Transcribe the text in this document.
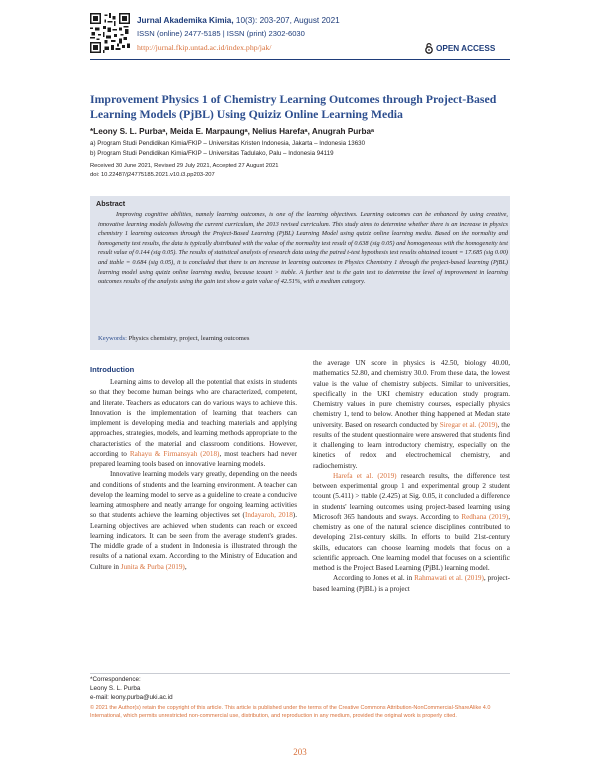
Jurnal Akademika Kimia, 10(3): 203-207, August 2021
ISSN (online) 2477-5185 | ISSN (print) 2302-6030
http://jurnal.fkip.untad.ac.id/index.php/jak/	OPEN ACCESS
Improvement Physics 1 of Chemistry Learning Outcomes through Project-Based Learning Models (PjBL) Using Quiziz Online Learning Media
*Leony S. L. Purbaᵃ, Meida E. Marpaungᵃ, Nelius Harefaᵃ, Anugrah Purbaᵃ
a) Program Studi Pendidikan Kimia/FKIP – Universitas Kristen Indonesia, Jakarta – Indonesia 13630
b) Program Studi Pendidikan Kimia/FKIP – Universitas Tadulako, Palu – Indonesia 94119
Received 30 June 2021, Revised 29 July 2021, Accepted 27 August 2021
doi: 10.22487/j24775185.2021.v10.i3.pp203-207
Abstract
Improving cognitive abilities, namely learning outcomes, is one of the learning objectives. Learning outcomes can be enhanced by using creative, innovative learning models following the current curriculum, the 2013 revised curriculum. This study aims to determine whether there is an increase in physics chemistry 1 learning outcomes through the Project-Based Learning (PjBL) Learning Model using quiziz online learning media. Based on the normality and homogeneity test results, the data is typically distributed with the value of the normality test result of 0.638 (sig 0.05) and homogeneous with the homogeneity test result value of 0.144 (sig 0.05). The results of statistical analysis of research data using the paired t-test hypothesis test results obtained tcount = 17.685 (sig 0.00) and ttable = 0.684 (sig 0.05), it is concluded that there is an increase in learning outcomes in Physics Chemistry 1 through the project-based learning (PjBL) learning model using quiziz online learning media, because tcount > ttable. A further test is the gain test to determine the level of improvement in learning outcomes results of the analysis using the gain test show a gain value of 42.51%, with a medium category.
Keywords: Physics chemistry, project, learning outcomes
Introduction

Learning aims to develop all the potential that exists in students so that they become human beings who are characterized, competent, and literate. Teachers as educators can do various ways to achieve this. Innovation is the implementation of learning that teachers can implement is developing media and teaching materials and applying approaches, strategies, models, and learning methods appropriate to the characteristics of the material and classroom conditions. However, according to Rahayu & Firmansyah (2018), most teachers had never prepared learning tools based on innovative learning models.

Innovative learning models vary greatly, depending on the needs and conditions of students and the learning environment. A teacher can develop the learning model to serve as a guideline to create a conducive learning atmosphere and neatly arrange for ongoing learning activities so that students achieve the learning objectives set (Indayaroh, 2018). Learning objectives are achieved when students can reach or exceed learning indicators. It can be seen from the average student's grades. The middle grade of a student in Indonesia is illustrated through the results of a national exam. According to the Ministry of Education and Culture in Junita & Purba (2019),

the average UN score in physics is 42.50, biology 40.00, mathematics 52.80, and chemistry 30.0. From these data, the lowest value is the value of chemistry subjects. Similar to universities, specifically in the UKI chemistry education study program. Chemistry values in pure chemistry courses, especially physics chemistry 1, tend to below. Another thing happened at Medan state university. Based on research conducted by Siregar et al. (2019), the results of the student questionnaire were answered that students find it challenging to learn introductory chemistry, especially on the kinetics of redox and electrochemical chemistry, and radiochemistry.

Harefa et al. (2019) research results, the difference test between experimental group 1 and experimental group 2 student tcount (5.411) > ttable (2.425) at Sig. 0.05, it concluded a difference in students' learning outcomes using project-based learning using Microsoft 365 handouts and sways. According to Redhana (2019), chemistry as one of the natural science disciplines contributed to developing 21st-century skills. In efforts to build 21st-century skills, educators can choose learning models that focus on a scientific approach. One learning model that focuses on a scientific method is the Project Based Learning (PjBL) learning model.

According to Jones et al. in Rahmawati et al. (2019), project-based learning (PjBL) is a project

*Correspondence:
Leony S. L. Purba
e-mail: leony.purba@uki.ac.id
© 2021 the Author(s) retain the copyright of this article. This article is published under the terms of the Creative Commons Attribution-NonCommercial-ShareAlike 4.0 International, which permits unrestricted non-commercial use, distribution, and reproduction in any medium, provided the original work is properly cited.
203
